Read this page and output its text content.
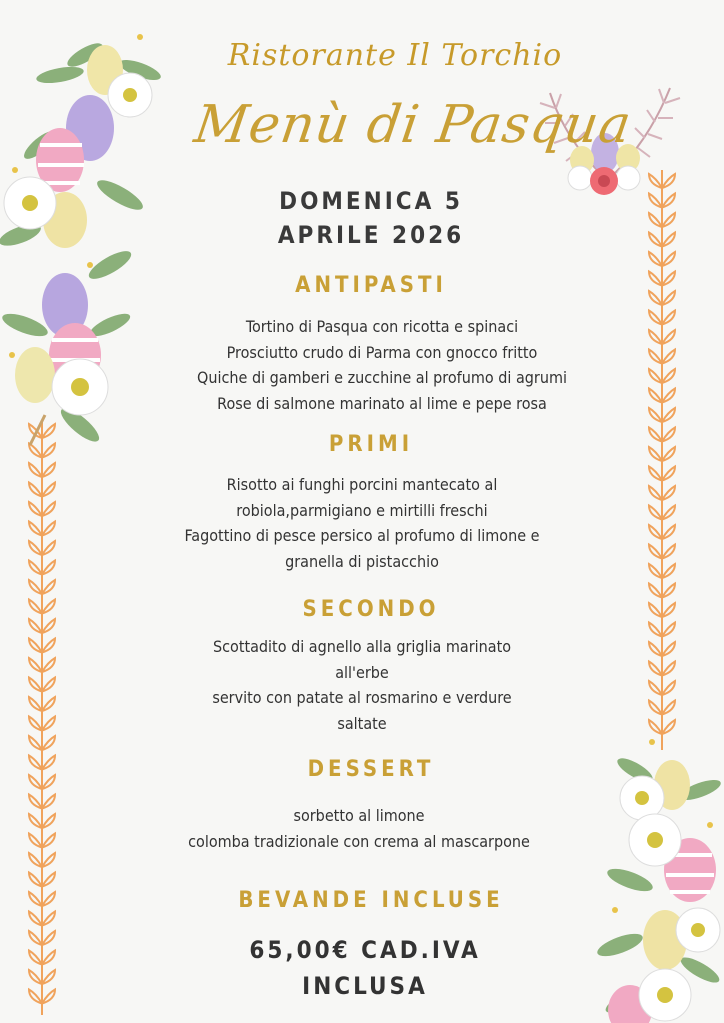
Ristorante Il Torchio
Menù di Pasqua
DOMENICA 5
APRILE 2026
ANTIPASTI
Tortino di Pasqua con ricotta e spinaci
Prosciutto crudo di Parma con gnocco fritto
Quiche di gamberi e zucchine al profumo di agrumi
Rose di salmone marinato al lime e pepe rosa
PRIMI
Risotto ai funghi porcini mantecato al
robiola,parmigiano e mirtilli freschi
Fagottino di pesce persico al profumo di limone e
granella di pistacchio
SECONDO
Scottadito di agnello alla griglia marinato
all'erbe
servito con patate al rosmarino e verdure
saltate
DESSERT
sorbetto al limone
colomba tradizionale con crema al mascarpone
BEVANDE INCLUSE
65,00€ CAD.IVA
INCLUSA
